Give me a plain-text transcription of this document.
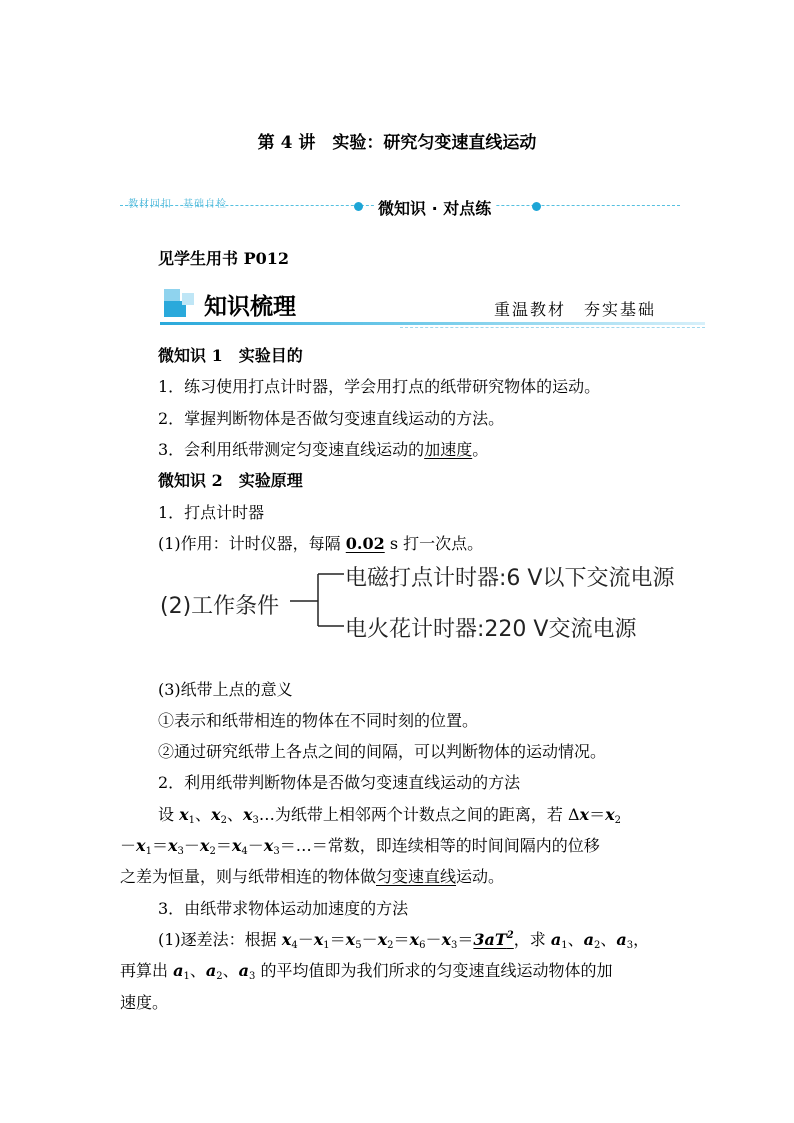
第 4 讲　实验：研究匀变速直线运动
教材回扣　基础自检	微知识 · 对点练
见学生用书 P012
知识梳理	重温教材　夯实基础
微知识 1　实验目的
1．练习使用打点计时器，学会用打点的纸带研究物体的运动。
2．掌握判断物体是否做匀变速直线运动的方法。
3．会利用纸带测定匀变速直线运动的加速度。
微知识 2　实验原理
1．打点计时器
(1)作用：计时仪器，每隔 0.02 s 打一次点。
(2)工作条件
电磁打点计时器:6 V以下交流电源
电火花计时器:220 V交流电源
(3)纸带上点的意义
①表示和纸带相连的物体在不同时刻的位置。
②通过研究纸带上各点之间的间隔，可以判断物体的运动情况。
2．利用纸带判断物体是否做匀变速直线运动的方法
设 $x_1$、$x_2$、$x_3\dots$为纸带上相邻两个计数点之间的距离，若 $\Delta x=x_2$
$-x_1=x_3-x_2=x_4-x_3=\dots=$常数，即连续相等的时间间隔内的位移
之差为恒量，则与纸带相连的物体做匀变速直线运动。
3．由纸带求物体运动加速度的方法
(1)逐差法：根据 $x_4-x_1=x_5-x_2=x_6-x_3=3aT^2$，求 $a_1$、$a_2$、$a_3$，
再算出 $a_1$、$a_2$、$a_3$ 的平均值即为我们所求的匀变速直线运动物体的加
速度。
